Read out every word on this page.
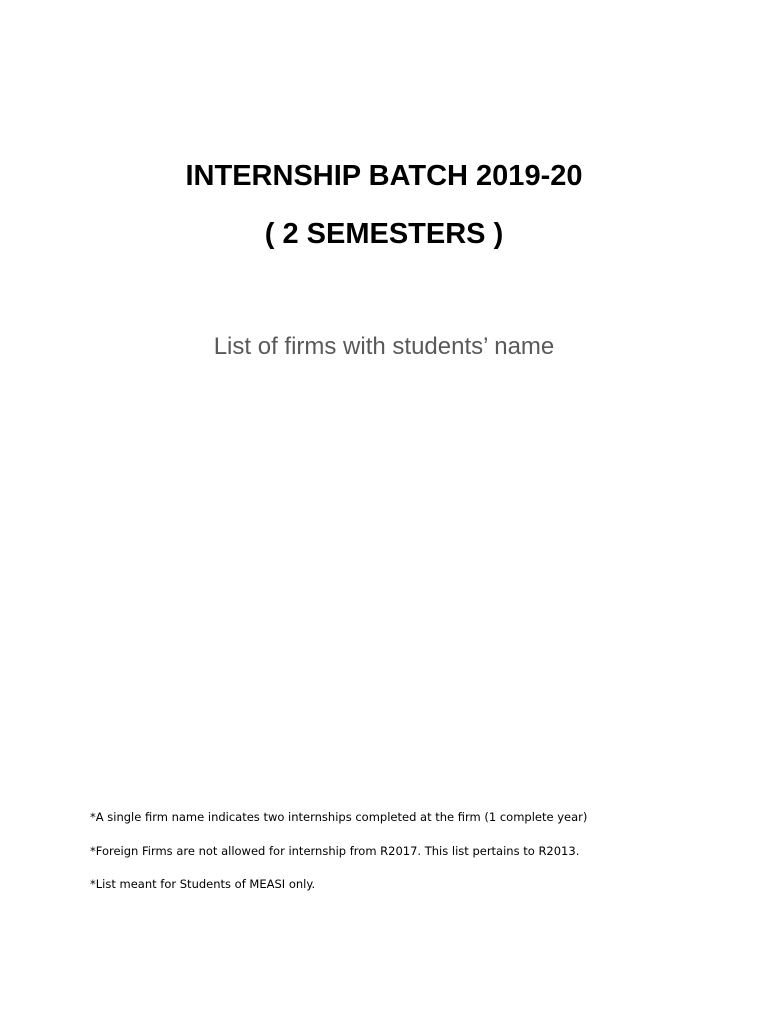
INTERNSHIP BATCH 2019-20
( 2 SEMESTERS )

List of firms with students’ name

*A single firm name indicates two internships completed at the firm (1 complete year)

*Foreign Firms are not allowed for internship from R2017. This list pertains to R2013.

*List meant for Students of MEASI only.
